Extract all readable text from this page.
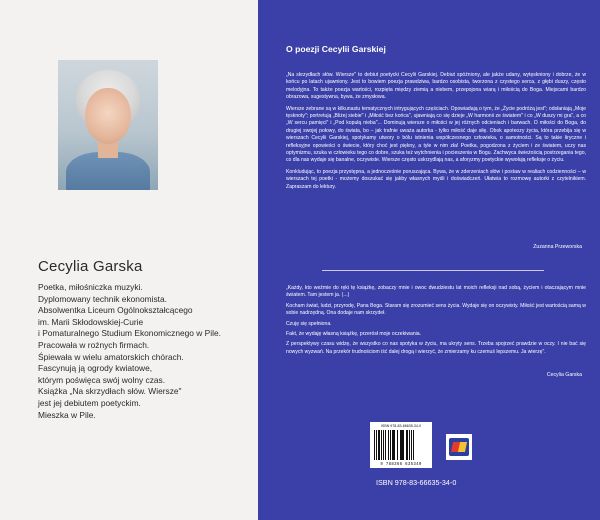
Cecylia Garska
Poetka, miłośniczka muzyki.
Dyplomowany technik ekonomista.
Absolwentka Liceum Ogólnokształcącego
im. Marii Skłodowskiej-Curie
i Pomaturalnego Studium Ekonomicznego w Pile.
Pracowała w rożnych firmach.
Śpiewała w wielu amatorskich chórach.
Fascynują ją ogrody kwiatowe,
którym poświęca swój wolny czas.
Książka „Na skrzydłach słów. Wiersze"
jest jej debiutem poetyckim.
Mieszka w Pile.
O poezji Cecylii Garskiej

„Na skrzydłach słów. Wiersze" to debiut poetycki Cecylii Garskiej. Debiut spóźniony, ale jakże udany, wytęskniony i dobrze, że w końcu po latach ujawniony. Jest to bowiem poezja prawdziwa, bardzo osobista, tworzona z czystego serca, z głębi duszy, często melodyjna. To także poezja wartości, rozpięta między ziemią a niebem, przepojona wiarą i miłością do Boga. Miejscami bardzo obrazowa, sugestywna, bywa, że zmysłowa.

Wiersze zebrane są w kilkunastu tematycznych intrygujących częściach. Opowiadają o tym, że „Życie podróżą jest"; odsłaniają „Moje tęsknoty"; portretują „Bliżej siebie" i „Miłość bez końca", ujawniają co się dzieje „W harmonii ze światem" i co „W duszy mi gra", a co „W sercu pamięci" i „Pod kopułą nieba"... Dominują wiersze o miłości w jej różnych odcieniach i barwach. O miłości do Boga, do drugiej swojej połowy, do świata, bo – jak trafnie uważa autorka - tylko miłość daje siłę. Obok apoteozy życia, która przebija się w wierszach Cecylii Garskiej, spotykamy utwory o bólu istnienia współczesnego człowieka, o samotności. Są to takie liryczne i refleksyjne opowieści o świecie, który choć jest piękny, a tyle w nim zła! Poetka, pogodzona z życiem i ze światem, uczy nas optymizmu, szuka w człowieku tego co dobre, szuka też wytchnienia i pocieszenia w Bogu. Zachwyca świeżością postrzegania tego, co dla nas wydaje się banalne, oczywiste. Wiersze często uskrzydlają nas, a aforyzmy poetyckie wywołują refleksje o życiu.

Konkludując, to poezja przystępna, a jednocześnie poruszająca. Bywa, że w zderzeniach słów i postaw w realiach codzienności – w wierszach tej poetki - możemy doszukać się jakby własnych myśli i doświadczeń. Ułatwia to rozmowę autorki z czytelnikiem. Zapraszam do lektury.

Zuzanna Przeworska

„Każdy, kto weźmie do ręki tę książkę, zobaczy mnie i owoc dwudziestu lat moich refleksji nad sobą, życiem i otaczającym mnie światem. Tam jestem ja. (...)

Kocham świat, ludzi, przyrodę, Pana Boga. Staram się zrozumieć sens życia. Wydaje się on oczywisty. Miłość jest wartością samą w sobie nadrzędną. Ona dodaje nam skrzydeł.

Czuję się spełniona.

Fakt, że wydaję własną książkę, przerósł moje oczekiwania.

Z perspektywy czasu widzę, że wszystko co nas spotyka w życiu, ma ukryty sens. Trzeba spojrzeć prawdzie w oczy. I nie bać się nowych wyzwań. Na przekór trudnościom iść dalej drogą i wierzyć, że zmierzamy ku czemuś lepszemu. Ja wierzę".

Cecylia Garska
ISBN 978-83-66635-34-0
9 788366 635340
ISBN 978-83-66635-34-0
